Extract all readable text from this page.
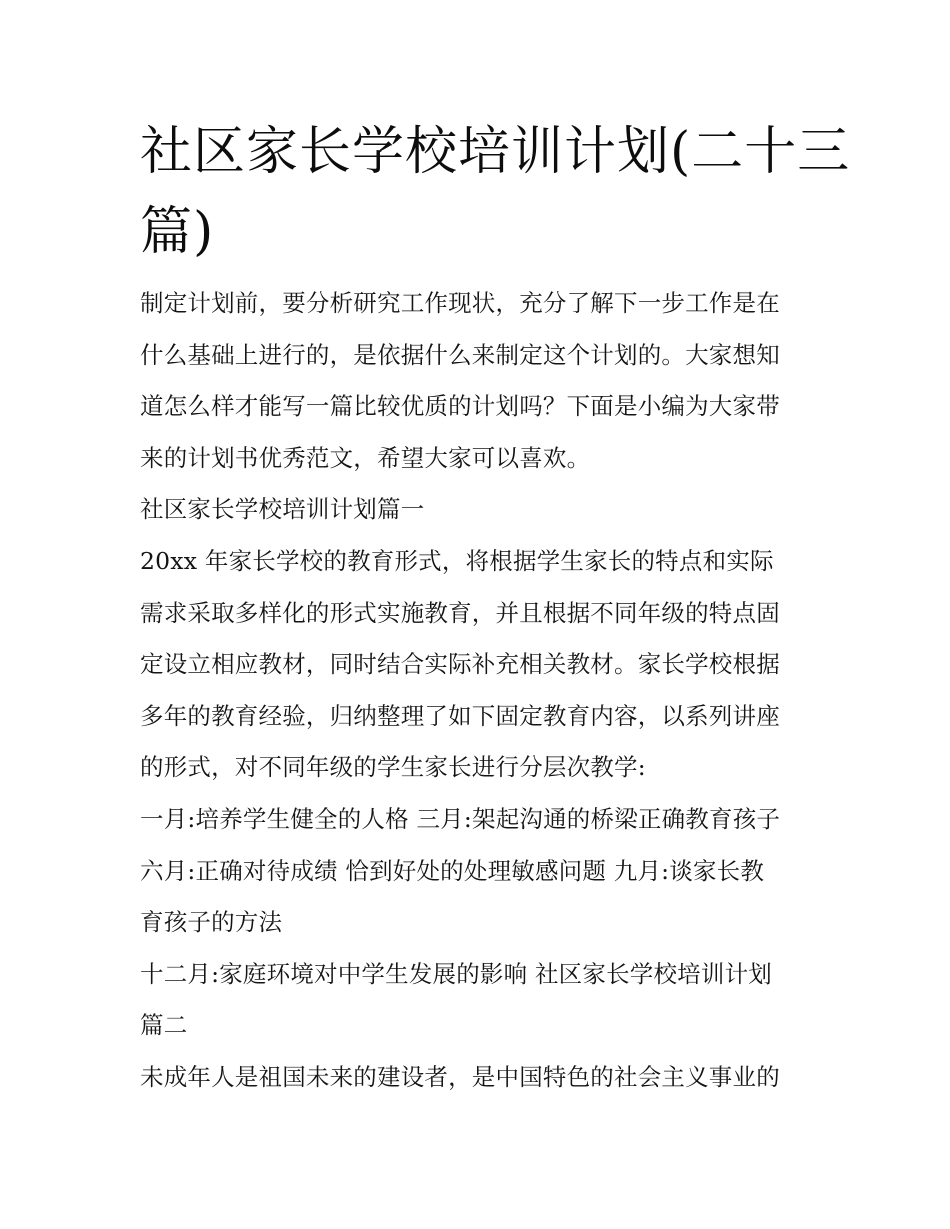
社区家长学校培训计划(二十三
篇)
制定计划前，要分析研究工作现状，充分了解下一步工作是在
什么基础上进行的，是依据什么来制定这个计划的。大家想知
道怎么样才能写一篇比较优质的计划吗？下面是小编为大家带
来的计划书优秀范文，希望大家可以喜欢。
社区家长学校培训计划篇一
20xx 年家长学校的教育形式，将根据学生家长的特点和实际
需求采取多样化的形式实施教育，并且根据不同年级的特点固
定设立相应教材，同时结合实际补充相关教材。家长学校根据
多年的教育经验，归纳整理了如下固定教育内容，以系列讲座
的形式，对不同年级的学生家长进行分层次教学:
一月:培养学生健全的人格 三月:架起沟通的桥梁正确教育孩子
六月:正确对待成绩 恰到好处的处理敏感问题 九月:谈家长教
育孩子的方法
十二月:家庭环境对中学生发展的影响 社区家长学校培训计划
篇二
未成年人是祖国未来的建设者，是中国特色的社会主义事业的
